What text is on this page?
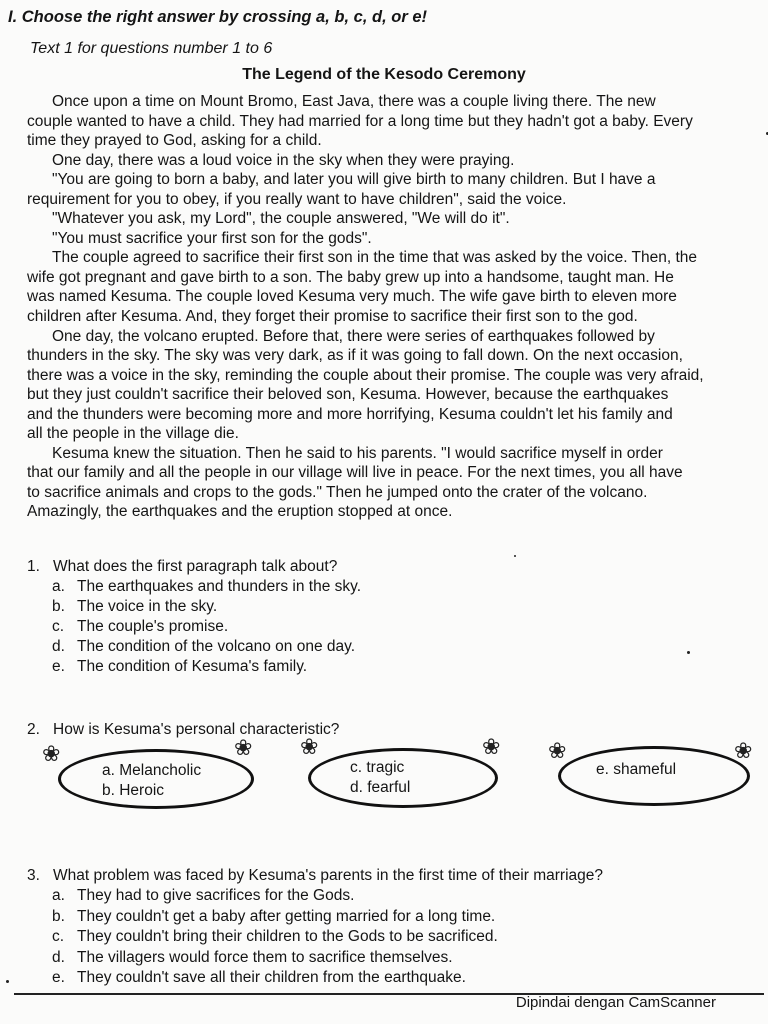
I. Choose the right answer by crossing a, b, c, d, or e!
Text 1 for questions number 1 to 6
The Legend of the Kesodo Ceremony
Once upon a time on Mount Bromo, East Java, there was a couple living there. The new
couple wanted to have a child. They had married for a long time but they hadn't got a baby. Every
time they prayed to God, asking for a child.
One day, there was a loud voice in the sky when they were praying.
"You are going to born a baby, and later you will give birth to many children. But I have a
requirement for you to obey, if you really want to have children", said the voice.
"Whatever you ask, my Lord", the couple answered, "We will do it".
"You must sacrifice your first son for the gods".
The couple agreed to sacrifice their first son in the time that was asked by the voice. Then, the
wife got pregnant and gave birth to a son. The baby grew up into a handsome, taught man. He
was named Kesuma. The couple loved Kesuma very much. The wife gave birth to eleven more
children after Kesuma. And, they forget their promise to sacrifice their first son to the god.
One day, the volcano erupted. Before that, there were series of earthquakes followed by
thunders in the sky. The sky was very dark, as if it was going to fall down. On the next occasion,
there was a voice in the sky, reminding the couple about their promise. The couple was very afraid,
but they just couldn't sacrifice their beloved son, Kesuma. However, because the earthquakes
and the thunders were becoming more and more horrifying, Kesuma couldn't let his family and
all the people in the village die.
Kesuma knew the situation. Then he said to his parents. "I would sacrifice myself in order
that our family and all the people in our village will live in peace. For the next times, you all have
to sacrifice animals and crops to the gods." Then he jumped onto the crater of the volcano.
Amazingly, the earthquakes and the eruption stopped at once.
1. What does the first paragraph talk about?
a. The earthquakes and thunders in the sky.
b. The voice in the sky.
c. The couple's promise.
d. The condition of the volcano on one day.
e. The condition of Kesuma's family.
2. How is Kesuma's personal characteristic?
❀	❀
a. Melancholic
b. Heroic
❀	❀
c. tragic
d. fearful
❀	❀
e. shameful
3. What problem was faced by Kesuma's parents in the first time of their marriage?
a. They had to give sacrifices for the Gods.
b. They couldn't get a baby after getting married for a long time.
c. They couldn't bring their children to the Gods to be sacrificed.
d. The villagers would force them to sacrifice themselves.
e. They couldn't save all their children from the earthquake.
Dipindai dengan CamScanner
